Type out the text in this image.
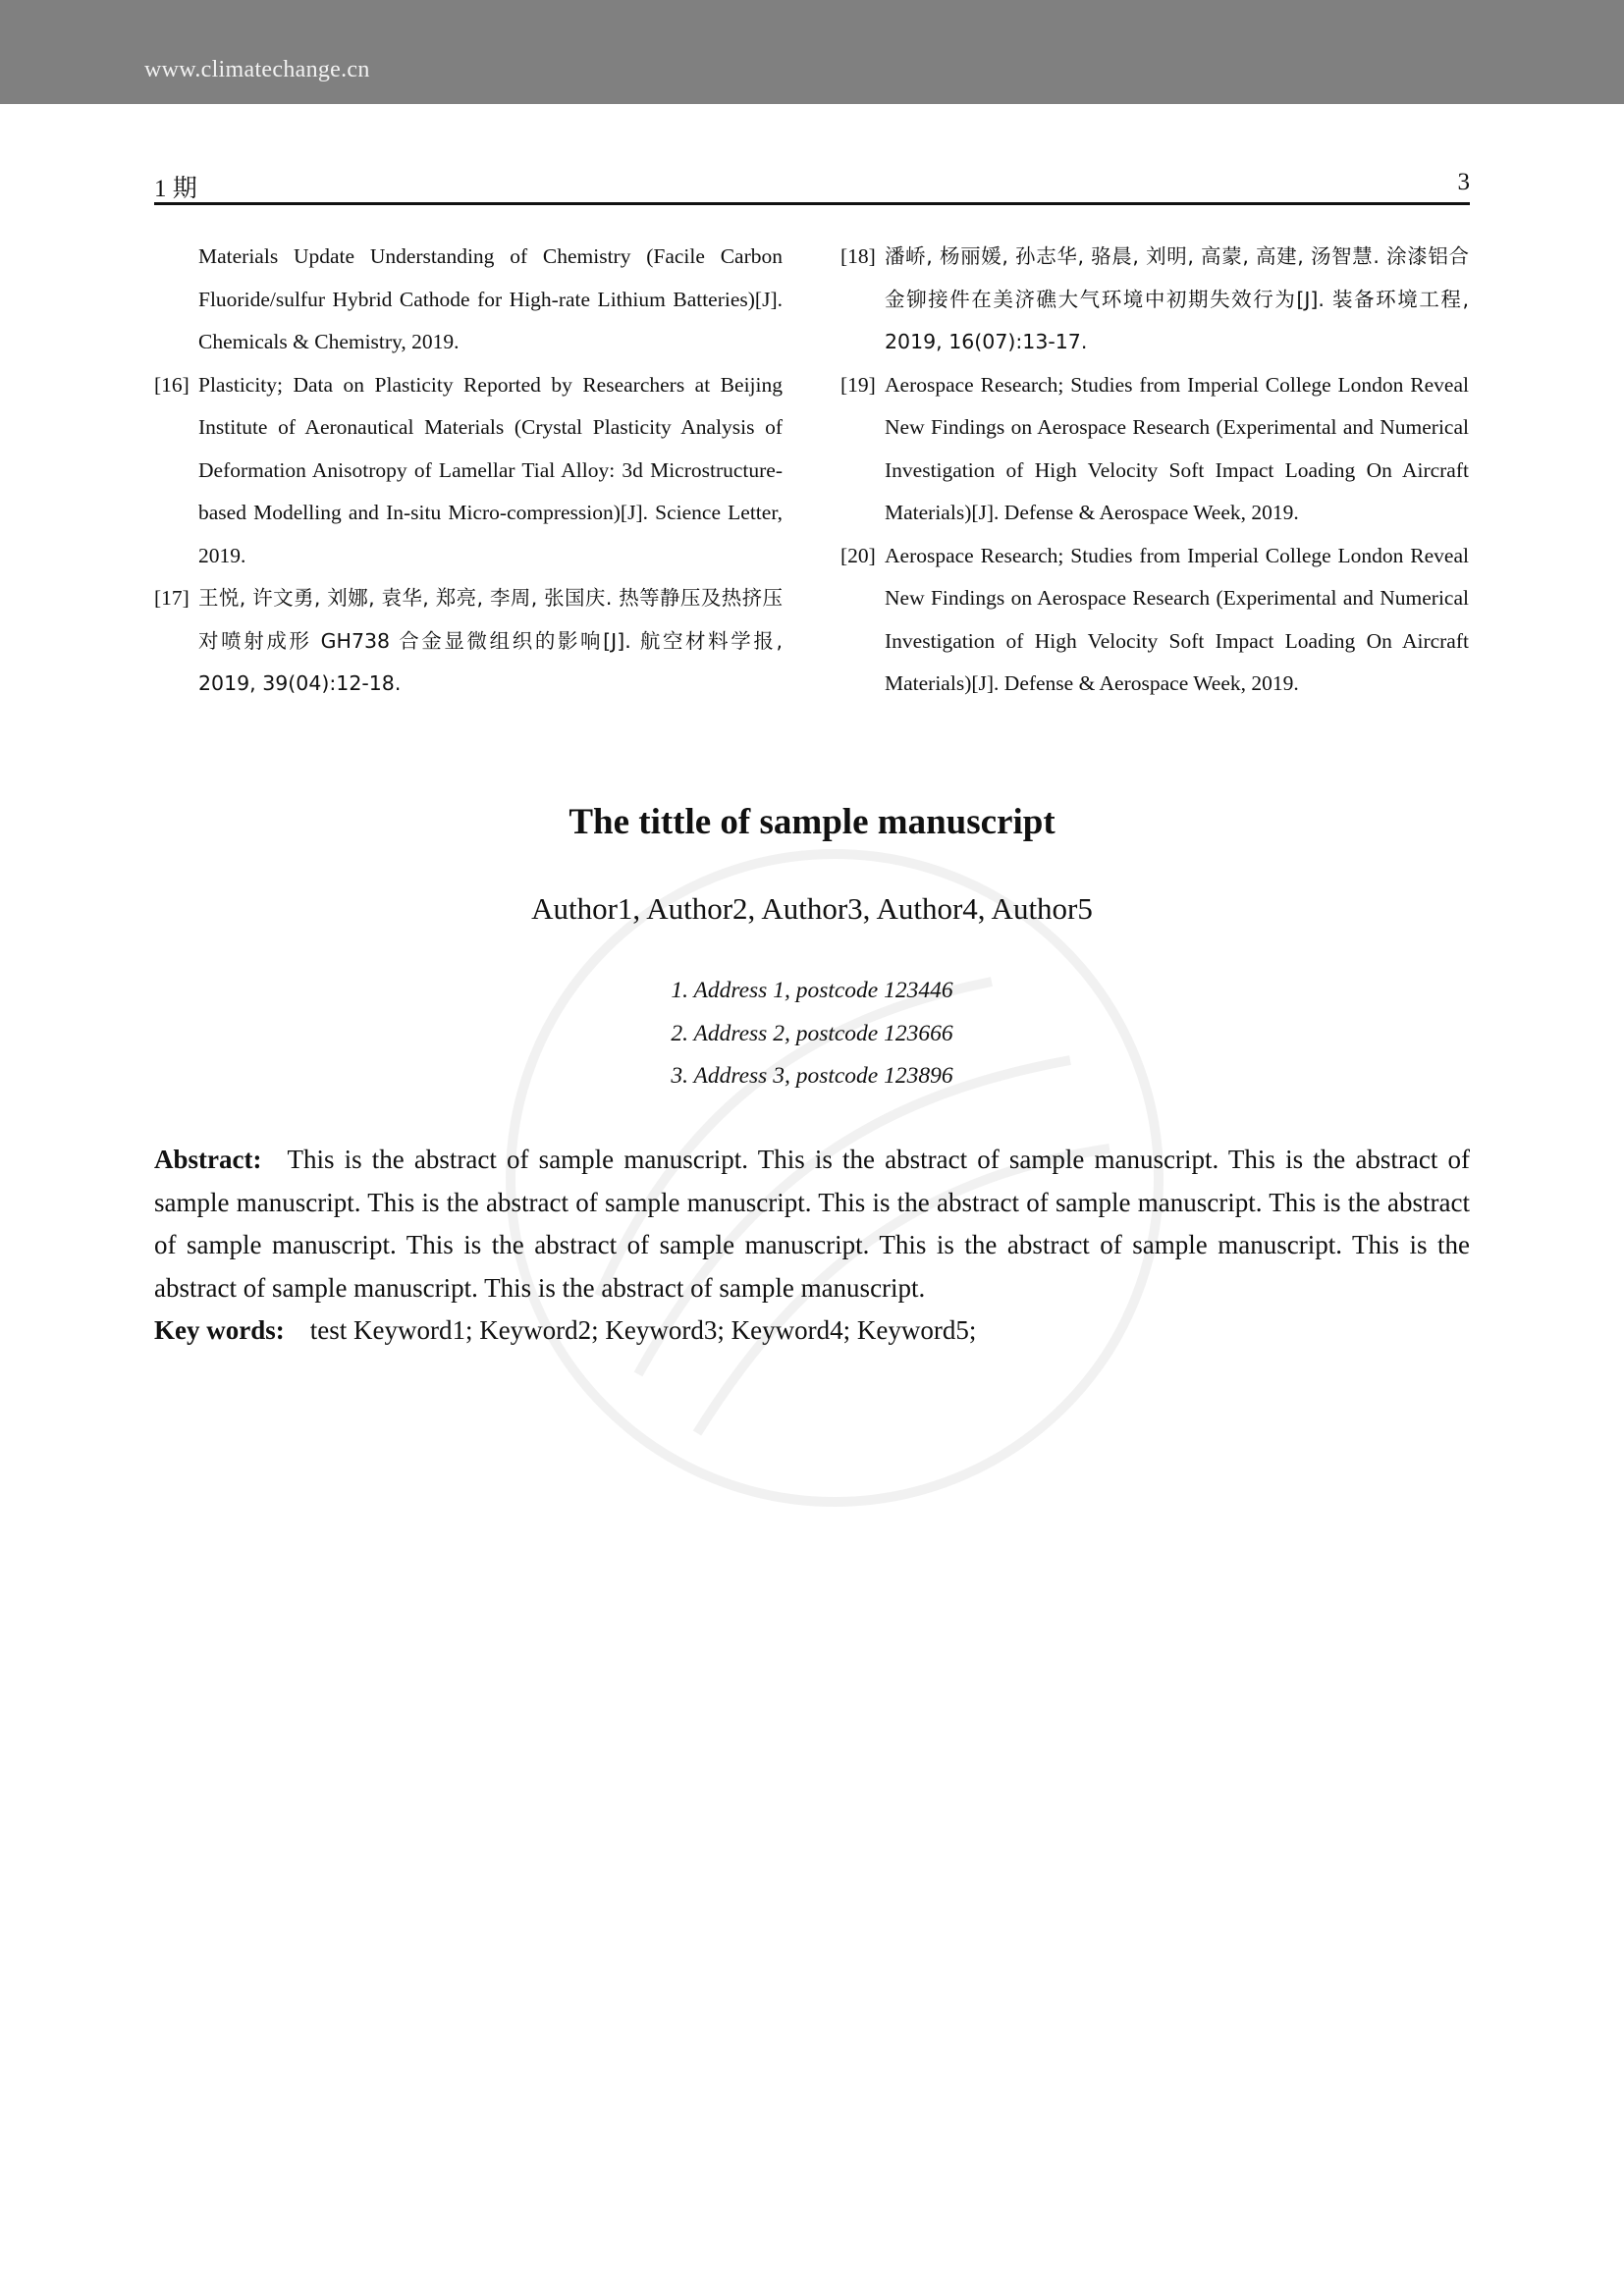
www.climatechange.cn
1 期	3
Materials Update Understanding of Chemistry (Facile Carbon Fluoride/sulfur Hybrid Cathode for High-rate Lithium Batteries)[J]. Chemicals & Chemistry, 2019.
[16] Plasticity; Data on Plasticity Reported by Researchers at Beijing Institute of Aeronautical Materials (Crystal Plasticity Analysis of Deformation Anisotropy of Lamellar Tial Alloy: 3d Microstructure-based Modelling and In-situ Micro-compression)[J]. Science Letter, 2019.
[17] 王悦, 许文勇, 刘娜, 袁华, 郑亮, 李周, 张国庆. 热等静压及热挤压对喷射成形 GH738 合金显微组织的影响[J]. 航空材料学报, 2019, 39(04):12-18.
[18] 潘峤, 杨丽媛, 孙志华, 骆晨, 刘明, 高蒙, 高建, 汤智慧. 涂漆铝合金铆接件在美济礁大气环境中初期失效行为[J]. 装备环境工程, 2019, 16(07):13-17.
[19] Aerospace Research; Studies from Imperial College London Reveal New Findings on Aerospace Research (Experimental and Numerical Investigation of High Velocity Soft Impact Loading On Aircraft Materials)[J]. Defense & Aerospace Week, 2019.
[20] Aerospace Research; Studies from Imperial College London Reveal New Findings on Aerospace Research (Experimental and Numerical Investigation of High Velocity Soft Impact Loading On Aircraft Materials)[J]. Defense & Aerospace Week, 2019.
The tittle of sample manuscript
Author1, Author2, Author3, Author4, Author5
1. Address 1, postcode 123446
2. Address 2, postcode 123666
3. Address 3, postcode 123896
Abstract: This is the abstract of sample manuscript. This is the abstract of sample manuscript. This is the abstract of sample manuscript. This is the abstract of sample manuscript. This is the abstract of sample manuscript. This is the abstract of sample manuscript. This is the abstract of sample manuscript. This is the abstract of sample manuscript. This is the abstract of sample manuscript. This is the abstract of sample manuscript.
Key words: test Keyword1; Keyword2; Keyword3; Keyword4; Keyword5;
